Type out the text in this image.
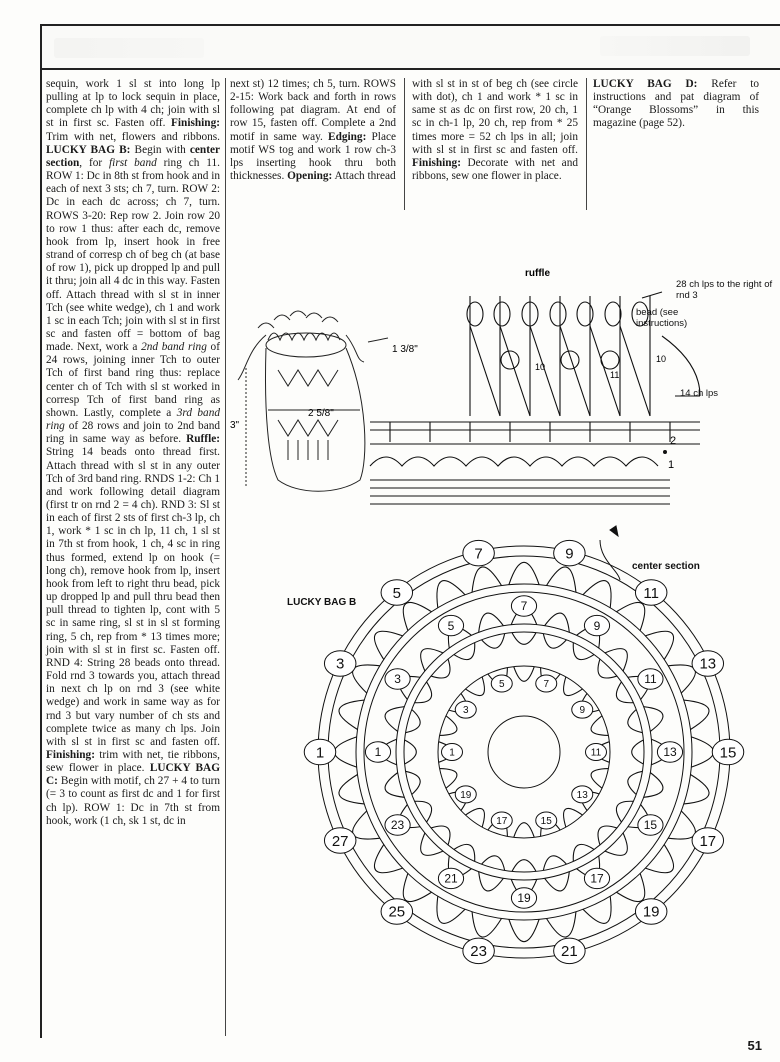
sequin, work 1 sl st into long lp pulling at lp to lock sequin in place, complete ch lp with 4 ch; join with sl st in first sc. Fasten off. Finishing: Trim with net, flowers and ribbons. LUCKY BAG B: Begin with center section, for first band ring ch 11. ROW 1: Dc in 8th st from hook and in each of next 3 sts; ch 7, turn. ROW 2: Dc in each dc across; ch 7, turn. ROWS 3-20: Rep row 2. Join row 20 to row 1 thus: after each dc, remove hook from lp, insert hook in free strand of corresp ch of beg ch (at base of row 1), pick up dropped lp and pull it thru; join all 4 dc in this way. Fasten off. Attach thread with sl st in inner Tch (see white wedge), ch 1 and work 1 sc in each Tch; join with sl st in first sc and fasten off = bottom of bag made. Next, work a 2nd band ring of 24 rows, joining inner Tch to outer Tch of first band ring thus: replace center ch of Tch with sl st worked in corresp Tch of first band ring as shown. Lastly, complete a 3rd band ring of 28 rows and join to 2nd band ring in same way as before. Ruffle: String 14 beads onto thread first. Attach thread with sl st in any outer Tch of 3rd band ring. RNDS 1-2: Ch 1 and work following detail diagram (first tr on rnd 2 = 4 ch). RND 3: Sl st in each of first 2 sts of first ch-3 lp, ch 1, work * 1 sc in ch lp, 11 ch, 1 sl st in 7th st from hook, 1 ch, 4 sc in ring thus formed, extend lp on hook (= long ch), remove hook from lp, insert hook from left to right thru bead, pick up dropped lp and pull thru bead then pull thread to tighten lp, cont with 5 sc in same ring, sl st in sl st forming ring, 5 ch, rep from * 13 times more; join with sl st in first sc. Fasten off. RND 4: String 28 beads onto thread. Fold rnd 3 towards you, attach thread in next ch lp on rnd 3 (see white wedge) and work in same way as for rnd 3 but vary number of ch sts and complete twice as many ch lps. Join with sl st in first sc and fasten off. Finishing: trim with net, tie ribbons, sew flower in place. LUCKY BAG C: Begin with motif, ch 27 + 4 to turn (= 3 to count as first dc and 1 for first ch lp). ROW 1: Dc in 7th st from hook, work (1 ch, sk 1 st, dc in

next st) 12 times; ch 5, turn. ROWS 2-15: Work back and forth in rows following pat diagram. At end of row 15, fasten off. Complete a 2nd motif in same way. Edging: Place motif WS tog and work 1 row ch-3 lps inserting hook thru both thicknesses. Opening: Attach thread

with sl st in st of beg ch (see circle with dot), ch 1 and work * 1 sc in same st as dc on first row, 20 ch, 1 sc in ch-1 lp, 20 ch, rep from * 25 times more = 52 ch lps in all; join with sl st in first sc and fasten off. Finishing: Decorate with net and ribbons, sew one flower in place.

LUCKY BAG D: Refer to instructions and pat diagram of “Orange Blossoms” in this magazine (page 52).

3"
2 5/8"
1 3/8"
ruffle
2
1
10
11
10
28 ch lps to the right of rnd 3
bead (see instructions)
14 ch lps
center section
LUCKY BAG B
1
3
5
7	9
11
13
15
17
19
21
23
25
27
1
3
5
7
9
11
13
15
17
19
21
23
1
3
5	7
9
11
13
15
17
19
51
